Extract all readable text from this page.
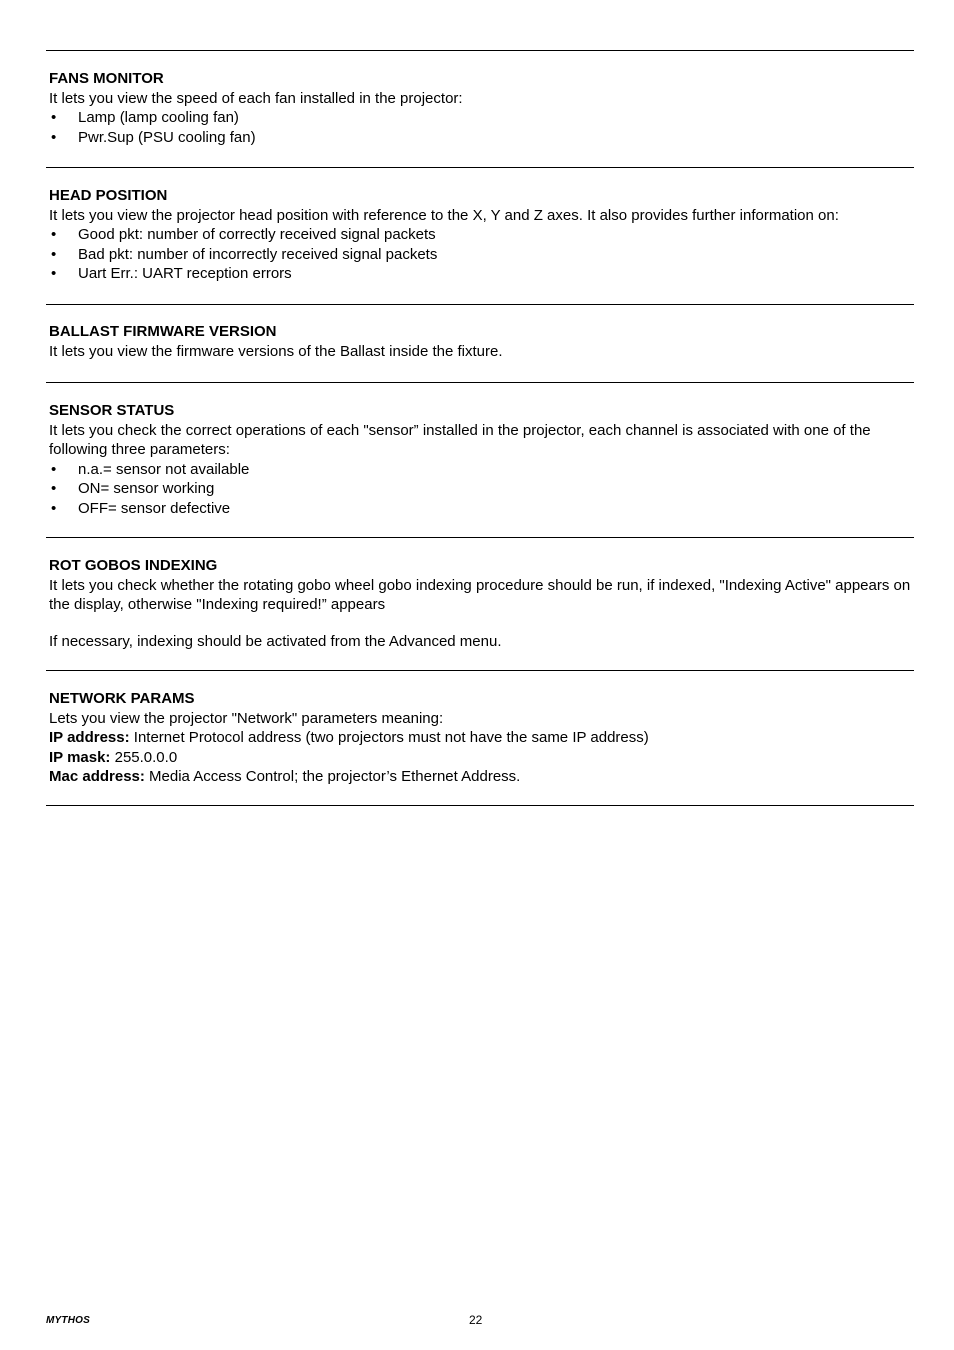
FANS MONITOR
It lets you view the speed of each fan installed in the projector:
• Lamp (lamp cooling fan)
• Pwr.Sup (PSU cooling fan)
HEAD POSITION
It lets you view the projector head position with reference to the X, Y and Z axes. It also provides further information on:
• Good pkt: number of correctly received signal packets
• Bad pkt: number of incorrectly received signal packets
• Uart Err.: UART reception errors
BALLAST FIRMWARE VERSION
It lets you view the firmware versions of the Ballast inside the fixture.
SENSOR STATUS
It lets you check the correct operations of each "sensor” installed in the projector, each channel is associated with one of the following three parameters:
• n.a.= sensor not available
• ON= sensor working
• OFF= sensor defective
ROT GOBOS INDEXING
It lets you check whether the rotating gobo wheel gobo indexing procedure should be run, if indexed, "Indexing Active" appears on the display, otherwise "Indexing required!” appears
If necessary, indexing should be activated from the Advanced menu.
NETWORK PARAMS
Lets you view the projector "Network" parameters meaning:
IP address: Internet Protocol address (two projectors must not have the same IP address)
IP mask: 255.0.0.0
Mac address: Media Access Control; the projector’s Ethernet Address.
MYTHOS	22
